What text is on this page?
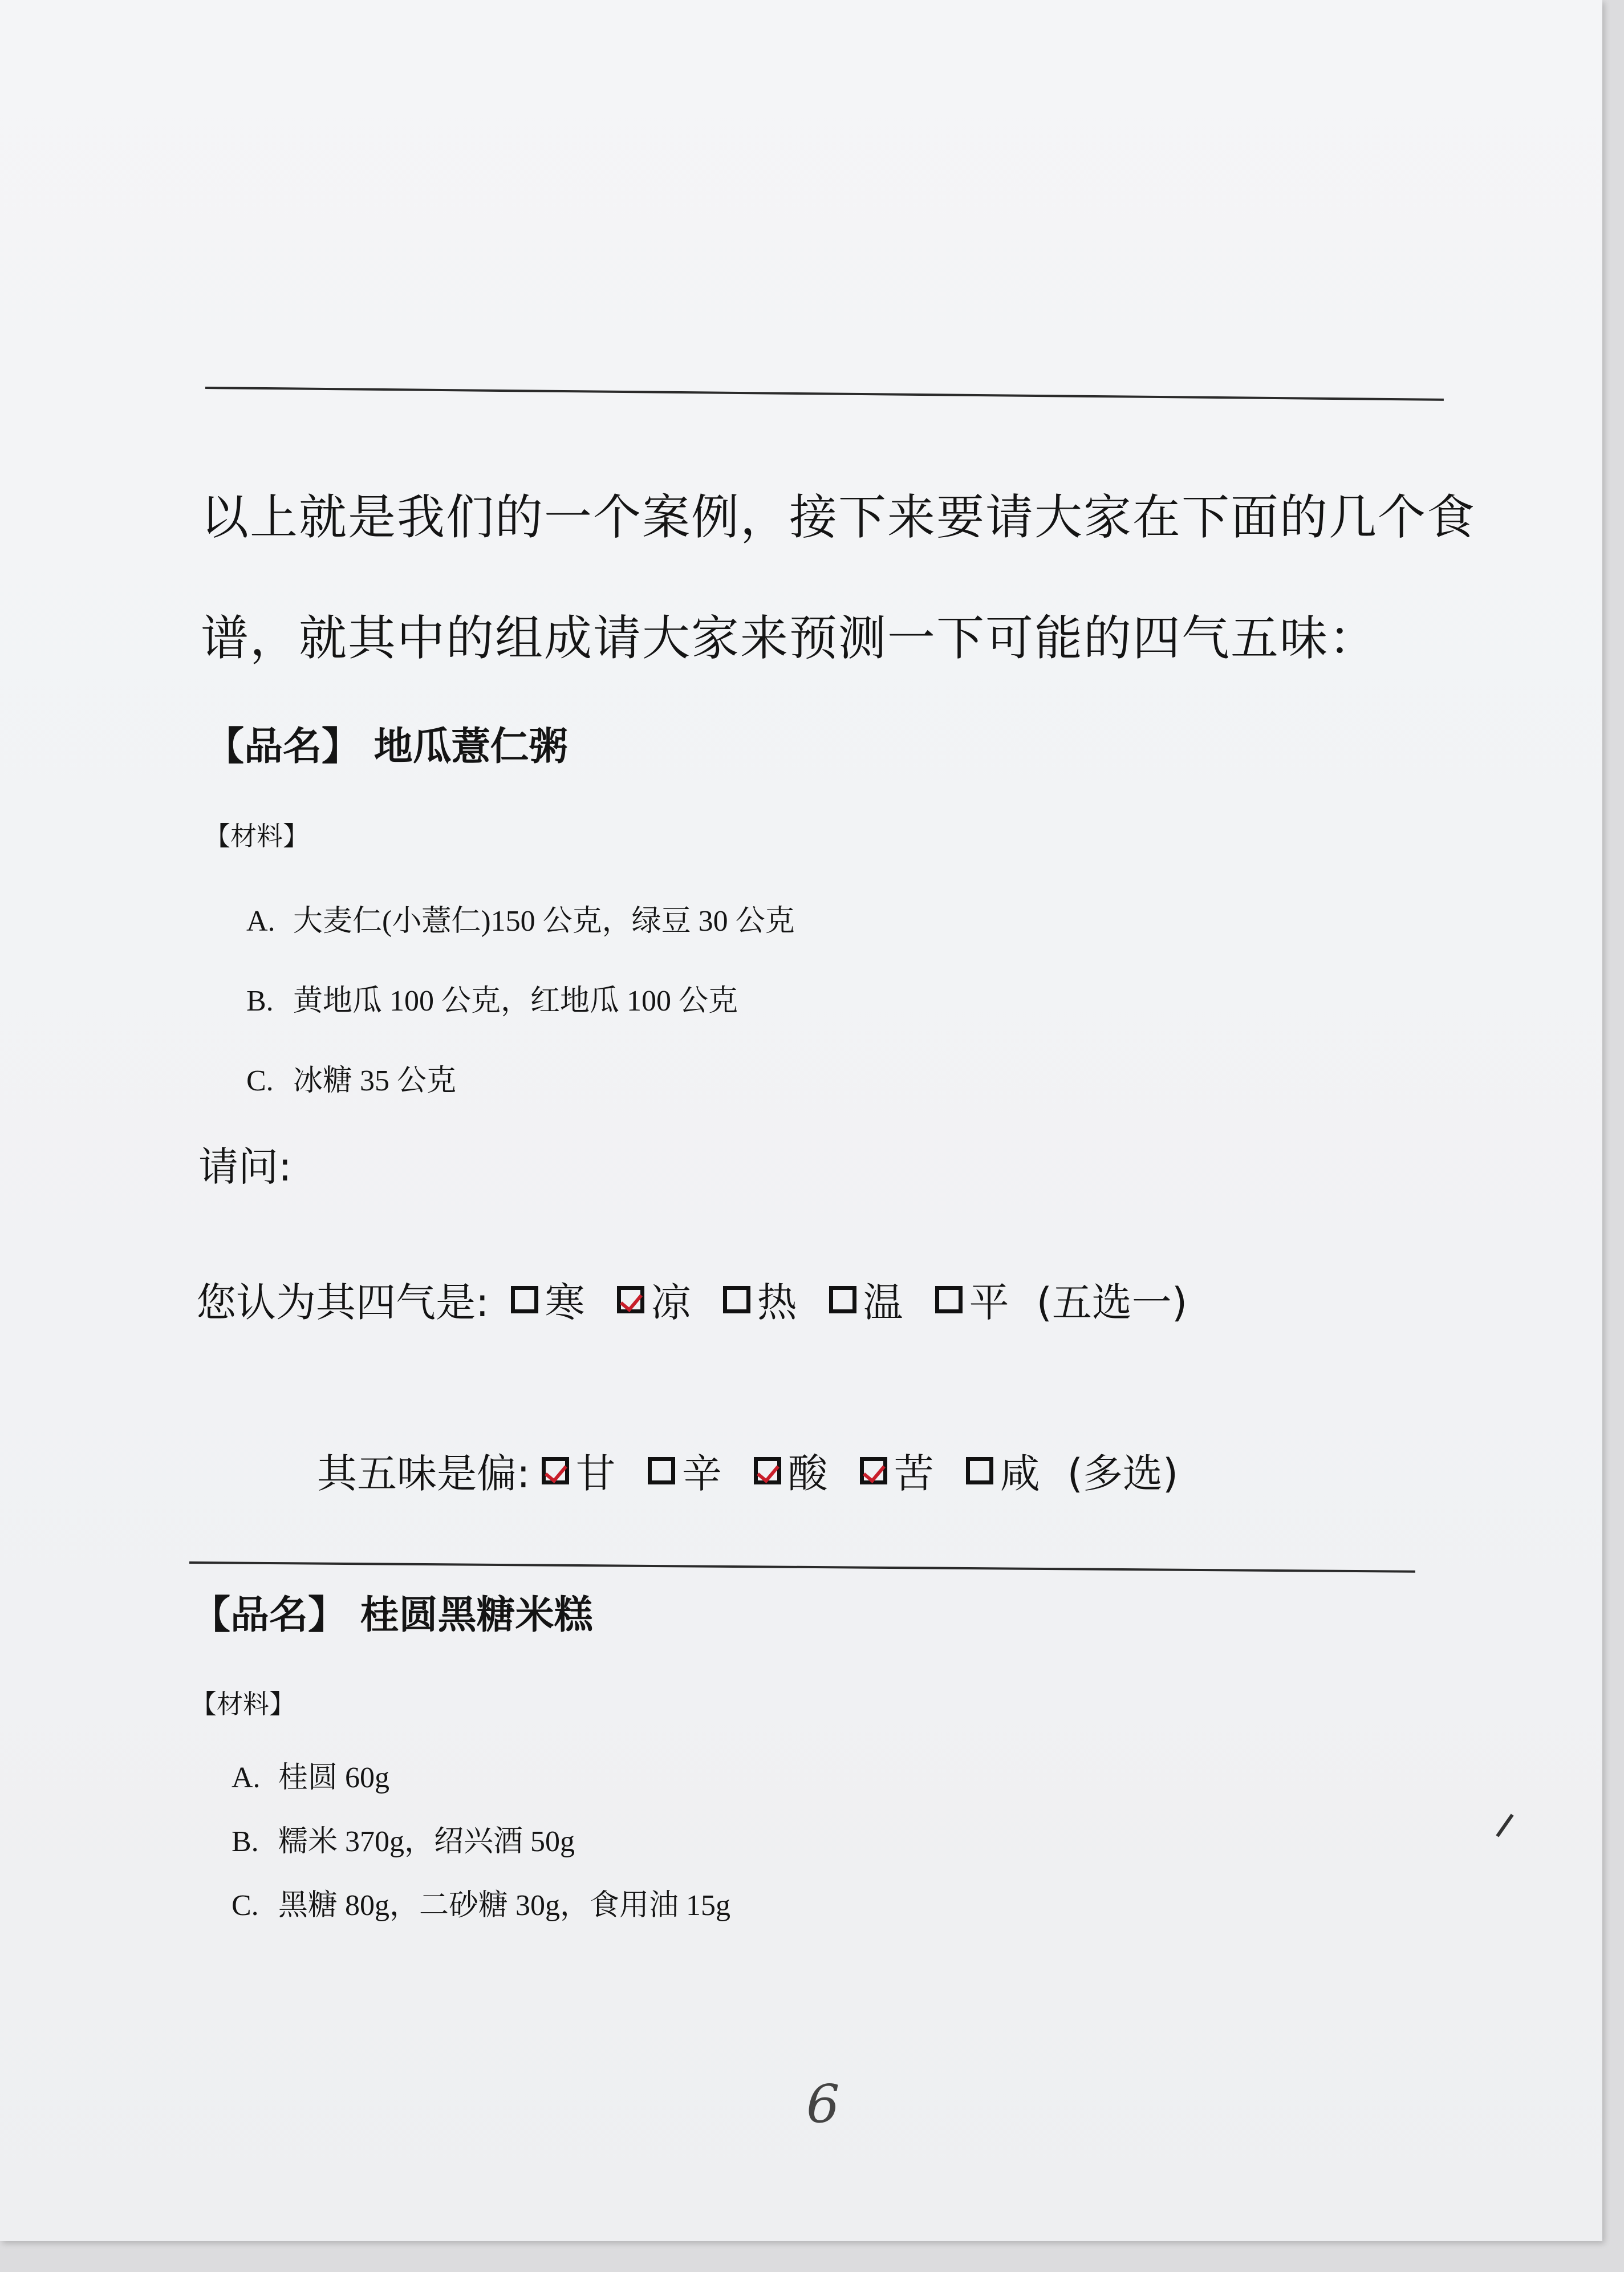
以上就是我们的一个案例，接下来要请大家在下面的几个食
谱，就其中的组成请大家来预测一下可能的四气五味：
【品名】 地瓜薏仁粥
【材料】
A. 大麦仁(小薏仁)150 公克，绿豆 30 公克
B. 黄地瓜 100 公克，红地瓜 100 公克
C. 冰糖 35 公克
请问:
您认为其四气是: 寒 凉 热 温 平 (五选一)
其五味是偏: 甘 辛 酸 苦 咸 (多选)
【品名】 桂圆黑糖米糕
【材料】
A. 桂圆 60g
B. 糯米 370g，绍兴酒 50g
C. 黑糖 80g，二砂糖 30g，食用油 15g
6
